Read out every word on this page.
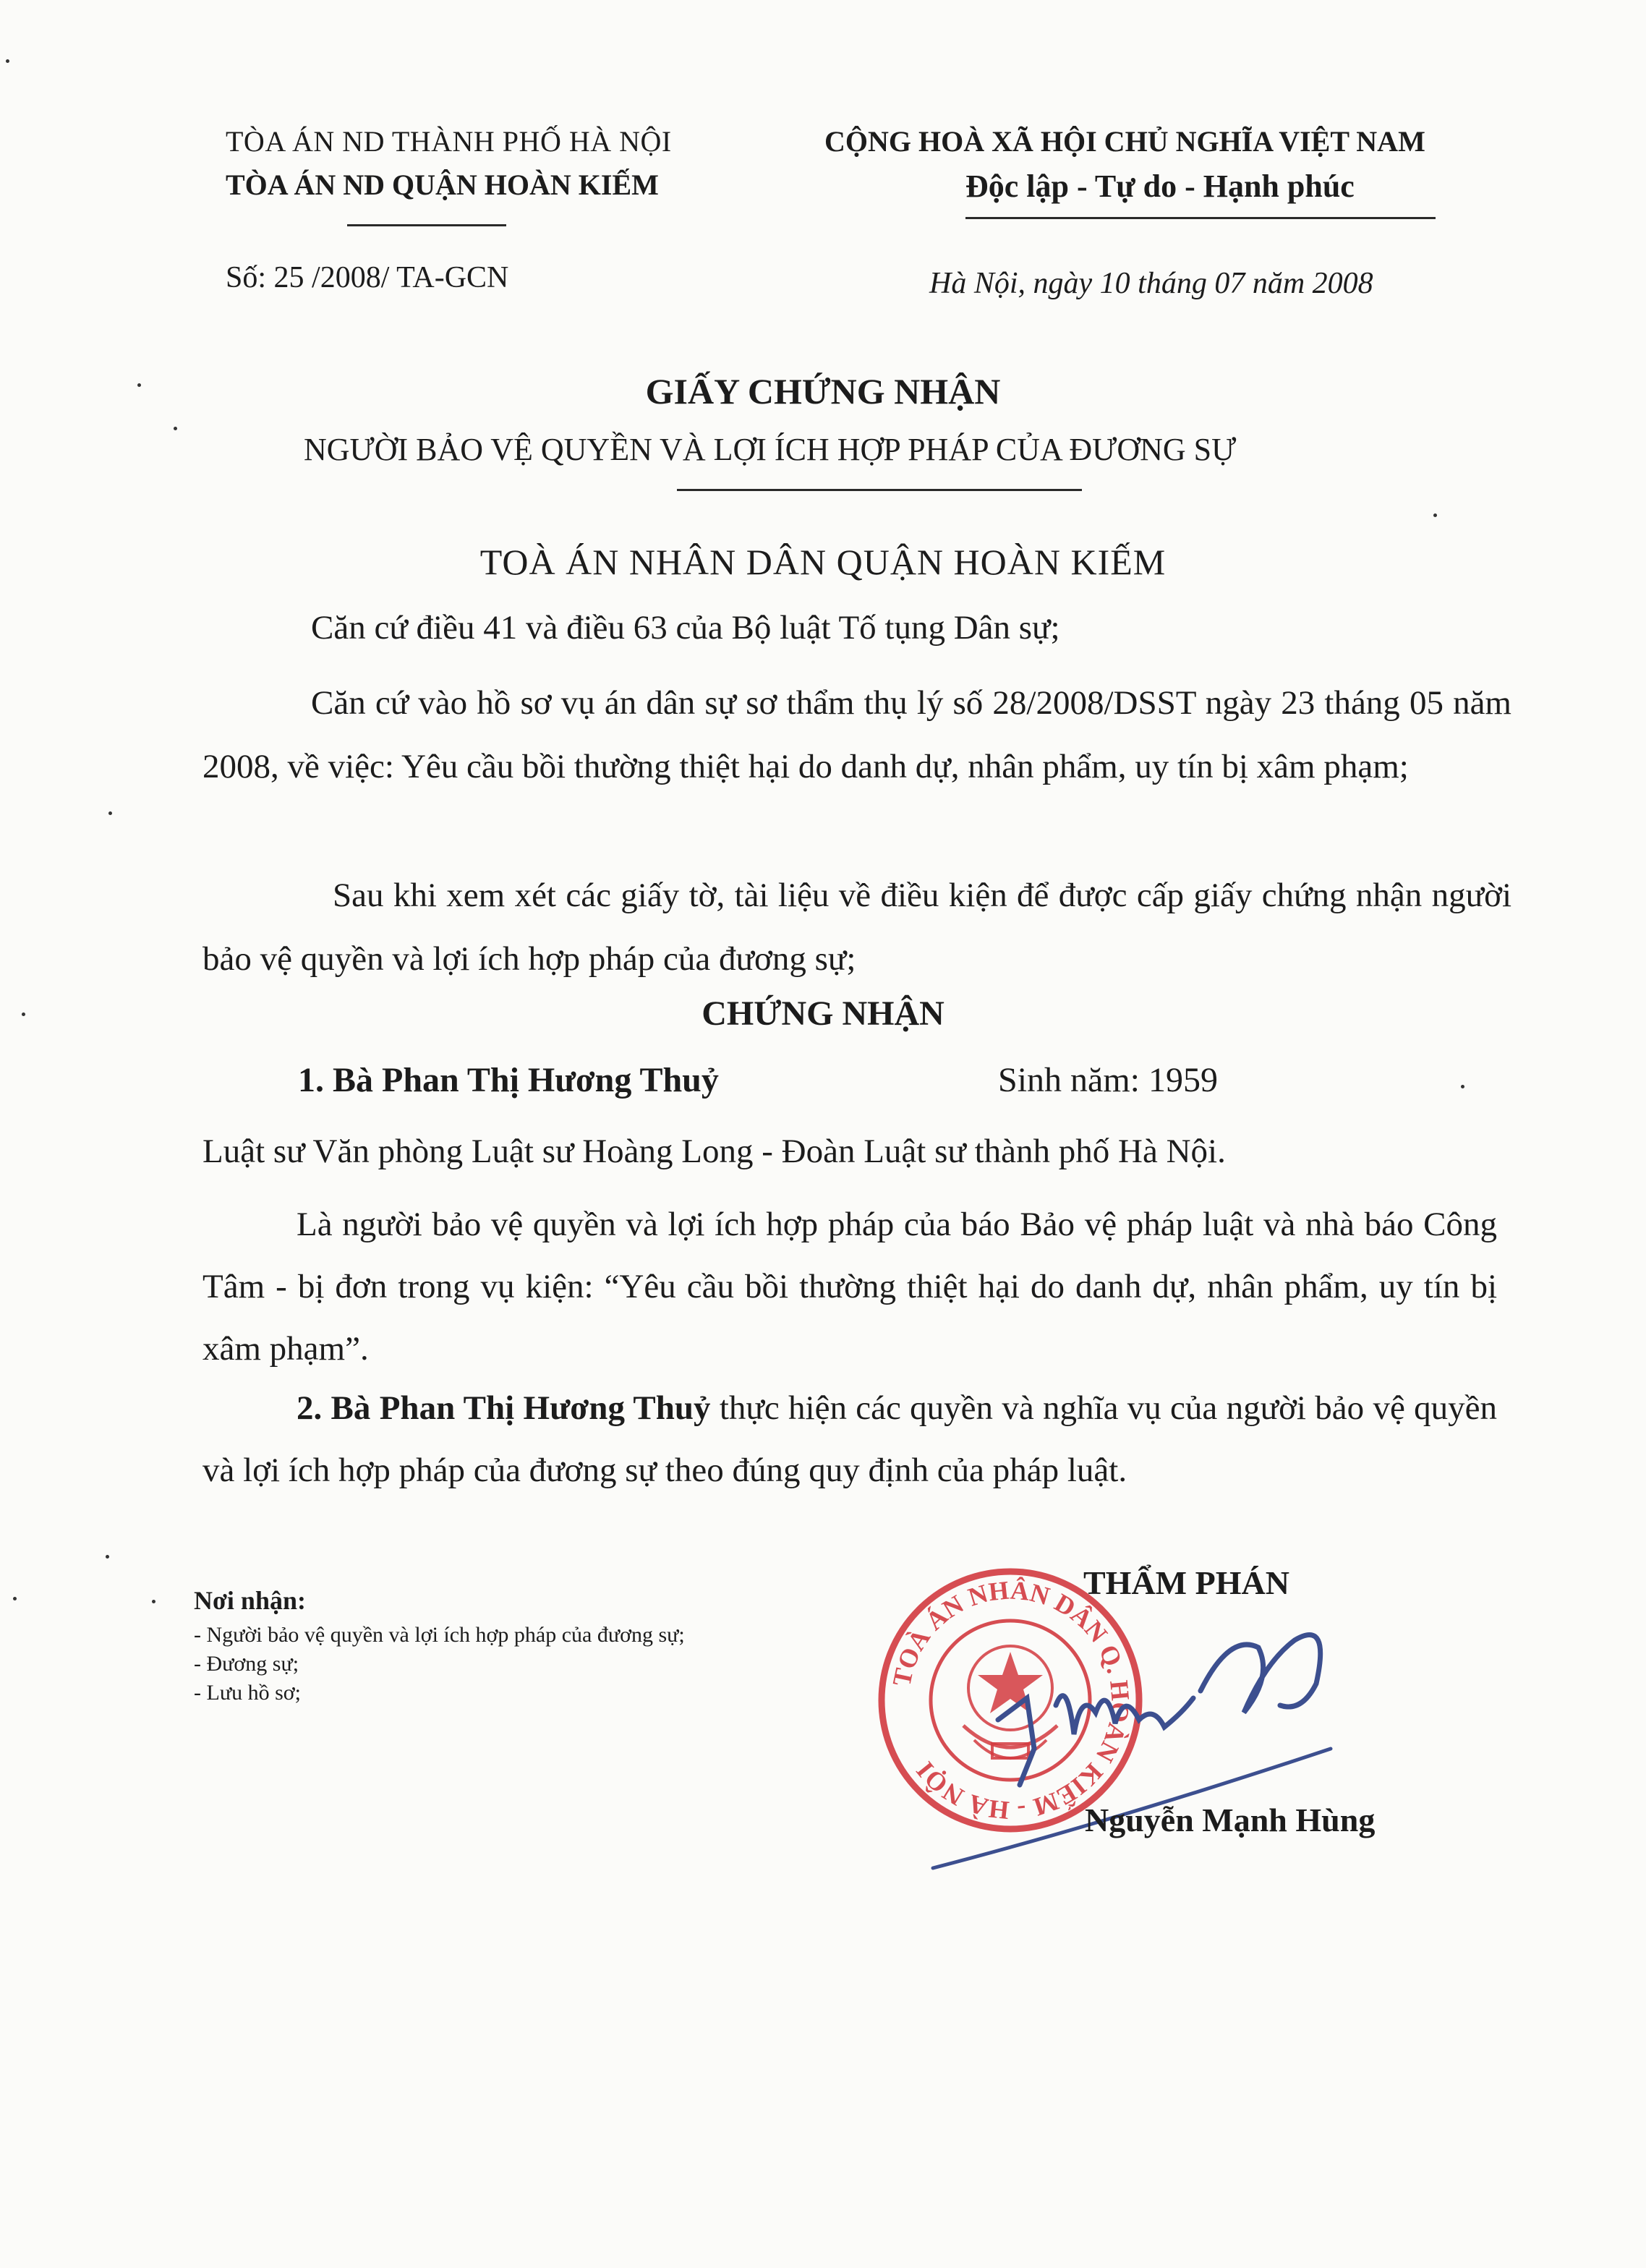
TÒA ÁN ND THÀNH PHỐ HÀ NỘI
TÒA ÁN ND QUẬN HOÀN KIẾM
CỘNG HOÀ XÃ HỘI CHỦ NGHĨA VIỆT NAM
Độc lập - Tự do - Hạnh phúc
Số: 25 /2008/ TA-GCN	Hà Nội, ngày 10 tháng 07 năm 2008
GIẤY CHỨNG NHẬN
NGƯỜI BẢO VỆ QUYỀN VÀ LỢI ÍCH HỢP PHÁP CỦA ĐƯƠNG SỰ
TOÀ ÁN NHÂN DÂN QUẬN HOÀN KIẾM
Căn cứ điều 41 và điều 63 của Bộ luật Tố tụng Dân sự;
Căn cứ vào hồ sơ vụ án dân sự sơ thẩm thụ lý số 28/2008/DSST ngày 23 tháng 05 năm 2008, về việc: Yêu cầu bồi thường thiệt hại do danh dự, nhân phẩm, uy tín bị xâm phạm;
Sau khi xem xét các giấy tờ, tài liệu về điều kiện để được cấp giấy chứng nhận người bảo vệ quyền và lợi ích hợp pháp của đương sự;
CHỨNG NHẬN
1. Bà Phan Thị Hương Thuỷ	Sinh năm: 1959
Luật sư Văn phòng Luật sư Hoàng Long - Đoàn Luật sư thành phố Hà Nội.
Là người bảo vệ quyền và lợi ích hợp pháp của báo Bảo vệ pháp luật và nhà báo Công Tâm - bị đơn trong vụ kiện: “Yêu cầu bồi thường thiệt hại do danh dự, nhân phẩm, uy tín bị xâm phạm”.
2. Bà Phan Thị Hương Thuỷ thực hiện các quyền và nghĩa vụ của người bảo vệ quyền và lợi ích hợp pháp của đương sự theo đúng quy định của pháp luật.
Nơi nhận:
- Người bảo vệ quyền và lợi ích hợp pháp của đương sự;
- Đương sự;
- Lưu hồ sơ;
THẨM PHÁN
TOÀ ÁN NHÂN DÂN Q. HOÀN KIẾM - HÀ NỘI
Nguyễn Mạnh Hùng
